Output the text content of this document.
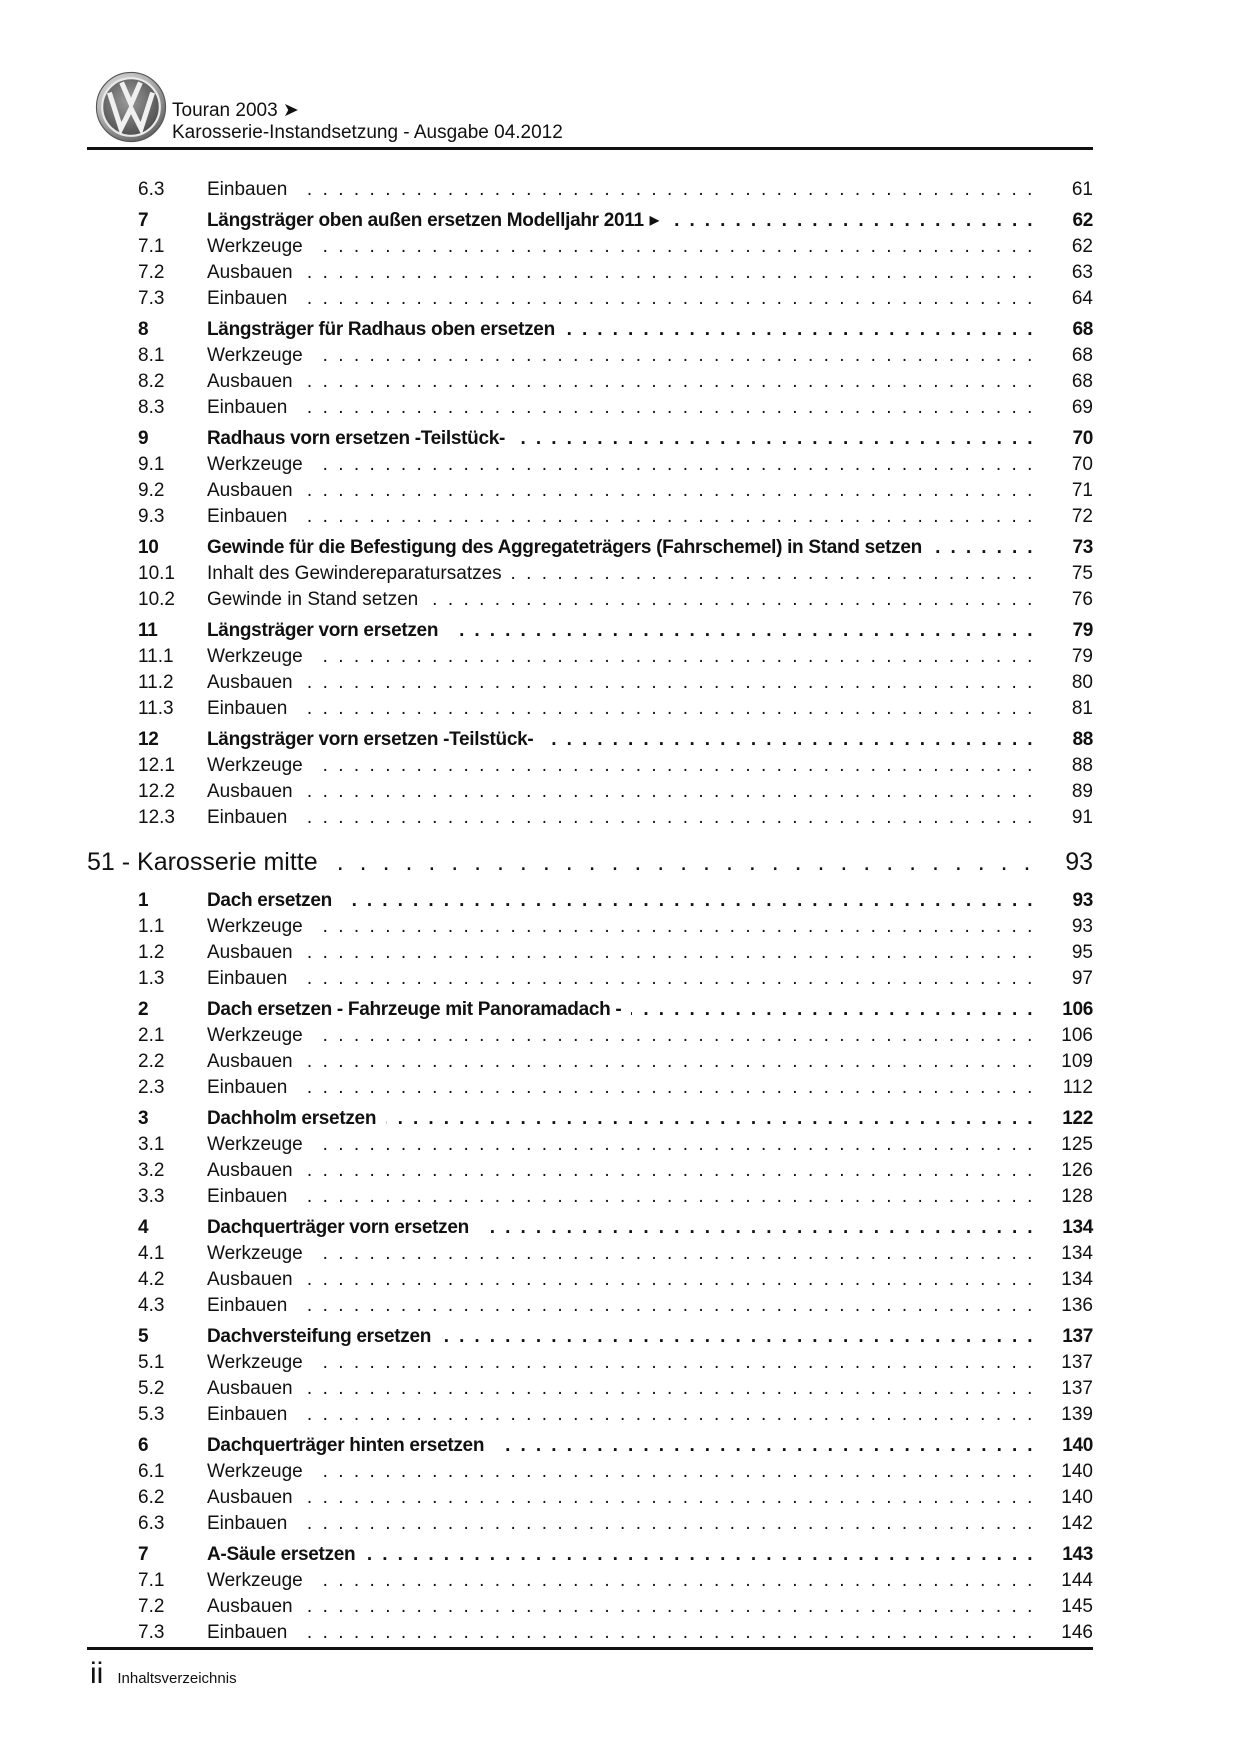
Touran 2003 ➤
Karosserie-Instandsetzung - Ausgabe 04.2012
6.3	Einbauen . . .	61
7	Längsträger oben außen ersetzen Modelljahr 2011 ▶ . . .	62
7.1	Werkzeuge . . .	62
7.2	Ausbauen . . .	63
7.3	Einbauen . . .	64
8	Längsträger für Radhaus oben ersetzen . . .	68
8.1	Werkzeuge . . .	68
8.2	Ausbauen . . .	68
8.3	Einbauen . . .	69
9	Radhaus vorn ersetzen -Teilstück- . . .	70
9.1	Werkzeuge . . .	70
9.2	Ausbauen . . .	71
9.3	Einbauen . . .	72
10	Gewinde für die Befestigung des Aggregateträgers (Fahrschemel) in Stand setzen . . .	73
10.1	Inhalt des Gewindereparatursatzes . . .	75
10.2	Gewinde in Stand setzen . . .	76
11	Längsträger vorn ersetzen . . .	79
11.1	Werkzeuge . . .	79
11.2	Ausbauen . . .	80
11.3	Einbauen . . .	81
12	Längsträger vorn ersetzen -Teilstück- . . .	88
12.1	Werkzeuge . . .	88
12.2	Ausbauen . . .	89
12.3	Einbauen . . .	91
51 - Karosserie mitte . . .	93
1	Dach ersetzen . . .	93
1.1	Werkzeuge . . .	93
1.2	Ausbauen . . .	95
1.3	Einbauen . . .	97
2	Dach ersetzen - Fahrzeuge mit Panoramadach - . . .	106
2.1	Werkzeuge . . .	106
2.2	Ausbauen . . .	109
2.3	Einbauen . . .	112
3	Dachholm ersetzen . . .	122
3.1	Werkzeuge . . .	125
3.2	Ausbauen . . .	126
3.3	Einbauen . . .	128
4	Dachquerträger vorn ersetzen . . .	134
4.1	Werkzeuge . . .	134
4.2	Ausbauen . . .	134
4.3	Einbauen . . .	136
5	Dachversteifung ersetzen . . .	137
5.1	Werkzeuge . . .	137
5.2	Ausbauen . . .	137
5.3	Einbauen . . .	139
6	Dachquerträger hinten ersetzen . . .	140
6.1	Werkzeuge . . .	140
6.2	Ausbauen . . .	140
6.3	Einbauen . . .	142
7	A-Säule ersetzen . . .	143
7.1	Werkzeuge . . .	144
7.2	Ausbauen . . .	145
7.3	Einbauen . . .	146
ii Inhaltsverzeichnis
